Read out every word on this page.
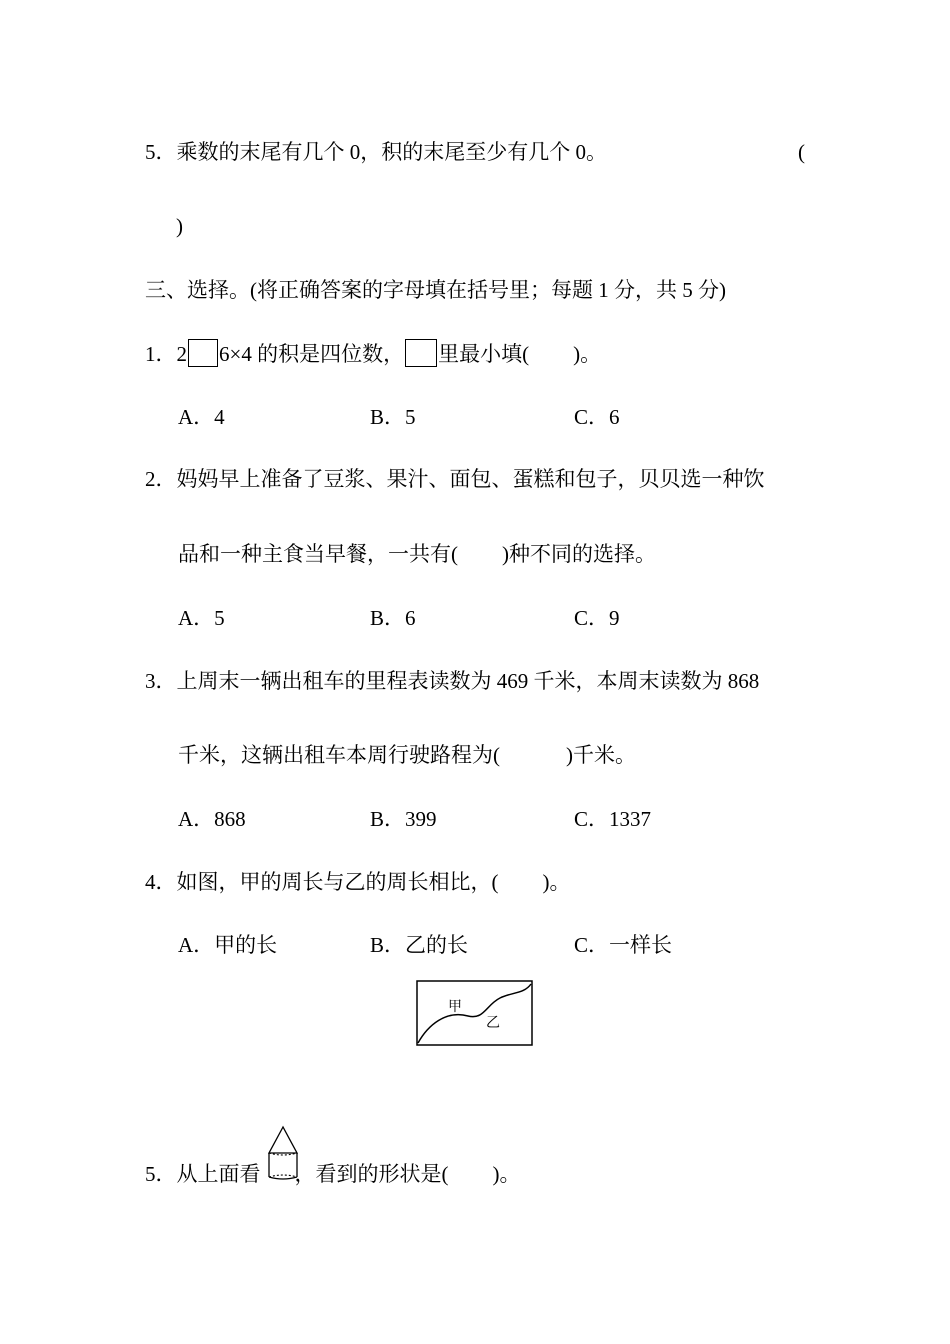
5．乘数的末尾有几个 0，积的末尾至少有几个 0。	(
)
三、选择。(将正确答案的字母填在括号里；每题 1 分，共 5 分)
1．2 6×4 的积是四位数， 里最小填( )。
A．4	B．5	C．6
2．妈妈早上准备了豆浆、果汁、面包、蛋糕和包子，贝贝选一种饮
品和一种主食当早餐，一共有( )种不同的选择。
A．5	B．6	C．9
3．上周末一辆出租车的里程表读数为 469 千米，本周末读数为 868
千米，这辆出租车本周行驶路程为(	)千米。
A．868	B．399	C．1337
4．如图，甲的周长与乙的周长相比，( )。
A．甲的长	B．乙的长	C．一样长
甲
乙
5．从上面看 ，看到的形状是( )。
